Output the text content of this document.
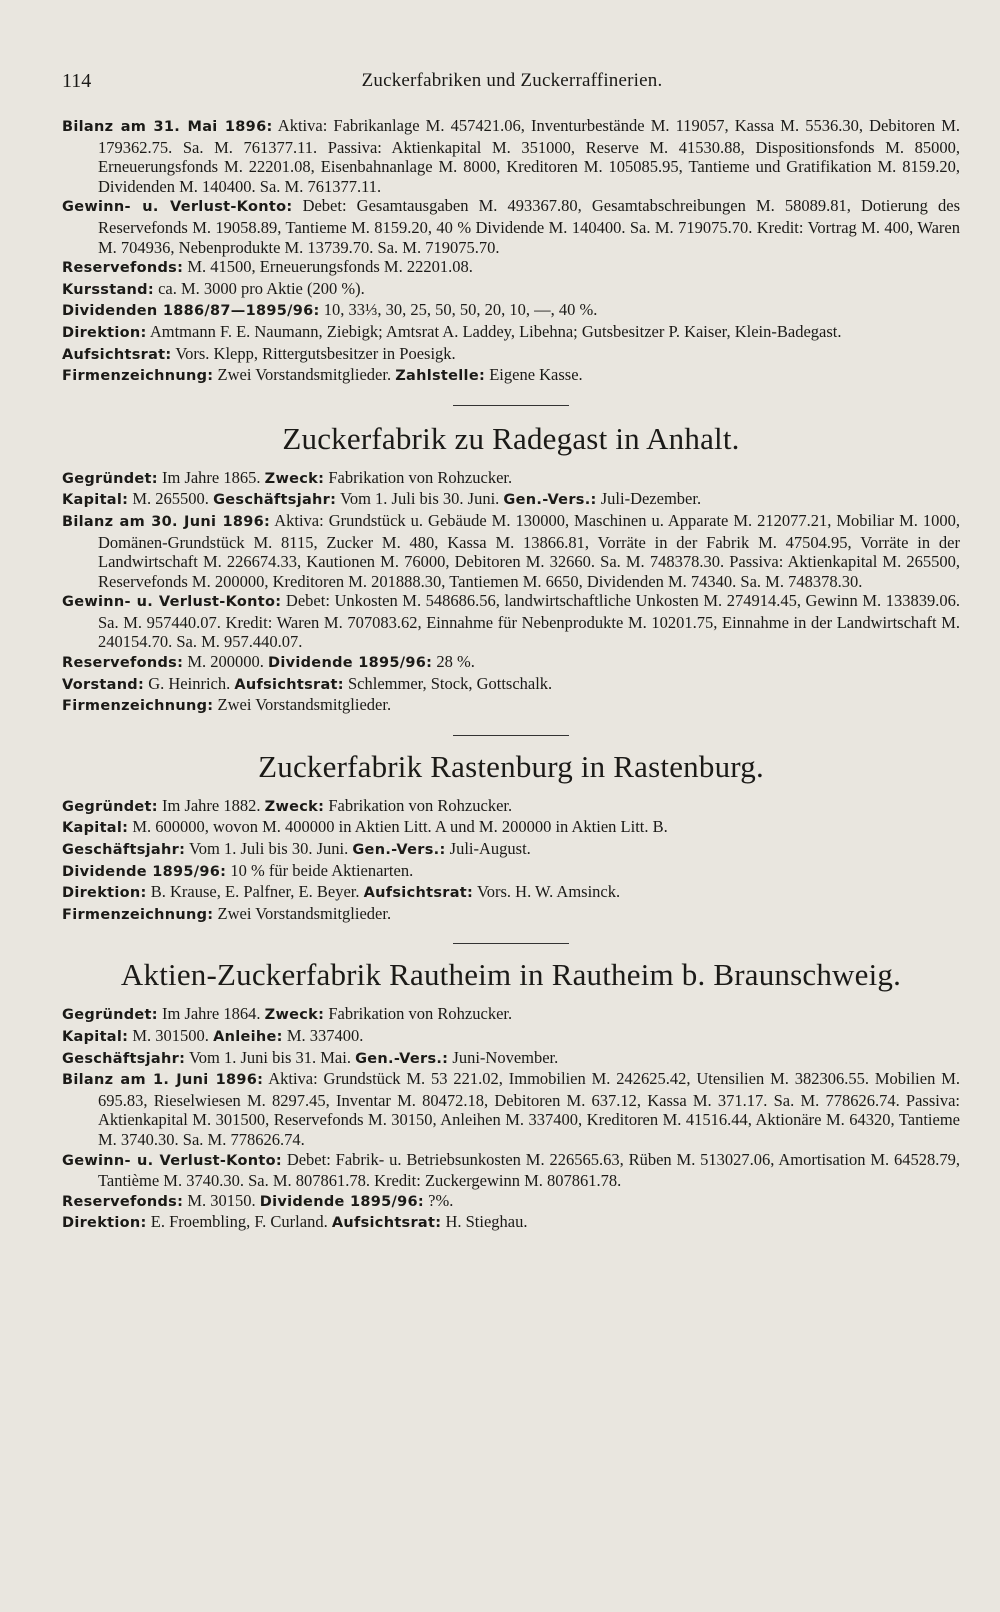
114	Zuckerfabriken und Zuckerraffinerien.

Bilanz am 31. Mai 1896: Aktiva: Fabrikanlage M. 457421.06, Inventurbestände M. 119057, Kassa M. 5536.30, Debitoren M. 179362.75. Sa. M. 761377.11. Passiva: Aktienkapital M. 351000, Reserve M. 41530.88, Dispositionsfonds M. 85000, Erneuerungsfonds M. 22201.08, Eisenbahnanlage M. 8000, Kreditoren M. 105085.95, Tantieme und Gratifikation M. 8159.20, Dividenden M. 140400. Sa. M. 761377.11.

Gewinn- u. Verlust-Konto: Debet: Gesamtausgaben M. 493367.80, Gesamtabschreibungen M. 58089.81, Dotierung des Reservefonds M. 19058.89, Tantieme M. 8159.20, 40 % Dividende M. 140400. Sa. M. 719075.70. Kredit: Vortrag M. 400, Waren M. 704936, Nebenprodukte M. 13739.70. Sa. M. 719075.70.

Reservefonds: M. 41500, Erneuerungsfonds M. 22201.08.

Kursstand: ca. M. 3000 pro Aktie (200 %).

Dividenden 1886/87—1895/96: 10, 33⅓, 30, 25, 50, 50, 20, 10, —, 40 %.

Direktion: Amtmann F. E. Naumann, Ziebigk; Amtsrat A. Laddey, Libehna; Gutsbesitzer P. Kaiser, Klein-Badegast.

Aufsichtsrat: Vors. Klepp, Rittergutsbesitzer in Poesigk.

Firmenzeichnung: Zwei Vorstandsmitglieder. Zahlstelle: Eigene Kasse.

Zuckerfabrik zu Radegast in Anhalt.

Gegründet: Im Jahre 1865. Zweck: Fabrikation von Rohzucker.

Kapital: M. 265500. Geschäftsjahr: Vom 1. Juli bis 30. Juni. Gen.-Vers.: Juli-Dezember.

Bilanz am 30. Juni 1896: Aktiva: Grundstück u. Gebäude M. 130000, Maschinen u. Apparate M. 212077.21, Mobiliar M. 1000, Domänen-Grundstück M. 8115, Zucker M. 480, Kassa M. 13866.81, Vorräte in der Fabrik M. 47504.95, Vorräte in der Landwirtschaft M. 226674.33, Kautionen M. 76000, Debitoren M. 32660. Sa. M. 748378.30. Passiva: Aktienkapital M. 265500, Reservefonds M. 200000, Kreditoren M. 201888.30, Tantiemen M. 6650, Dividenden M. 74340. Sa. M. 748378.30.

Gewinn- u. Verlust-Konto: Debet: Unkosten M. 548686.56, landwirtschaftliche Unkosten M. 274914.45, Gewinn M. 133839.06. Sa. M. 957440.07. Kredit: Waren M. 707083.62, Einnahme für Nebenprodukte M. 10201.75, Einnahme in der Landwirtschaft M. 240154.70. Sa. M. 957.440.07.

Reservefonds: M. 200000. Dividende 1895/96: 28 %.

Vorstand: G. Heinrich. Aufsichtsrat: Schlemmer, Stock, Gottschalk.

Firmenzeichnung: Zwei Vorstandsmitglieder.

Zuckerfabrik Rastenburg in Rastenburg.

Gegründet: Im Jahre 1882. Zweck: Fabrikation von Rohzucker.

Kapital: M. 600000, wovon M. 400000 in Aktien Litt. A und M. 200000 in Aktien Litt. B.

Geschäftsjahr: Vom 1. Juli bis 30. Juni. Gen.-Vers.: Juli-August.

Dividende 1895/96: 10 % für beide Aktienarten.

Direktion: B. Krause, E. Palfner, E. Beyer. Aufsichtsrat: Vors. H. W. Amsinck.

Firmenzeichnung: Zwei Vorstandsmitglieder.

Aktien-Zuckerfabrik Rautheim in Rautheim b. Braunschweig.

Gegründet: Im Jahre 1864. Zweck: Fabrikation von Rohzucker.

Kapital: M. 301500. Anleihe: M. 337400.

Geschäftsjahr: Vom 1. Juni bis 31. Mai. Gen.-Vers.: Juni-November.

Bilanz am 1. Juni 1896: Aktiva: Grundstück M. 53 221.02, Immobilien M. 242625.42, Utensilien M. 382306.55. Mobilien M. 695.83, Rieselwiesen M. 8297.45, Inventar M. 80472.18, Debitoren M. 637.12, Kassa M. 371.17. Sa. M. 778626.74. Passiva: Aktienkapital M. 301500, Reservefonds M. 30150, Anleihen M. 337400, Kreditoren M. 41516.44, Aktionäre M. 64320, Tantieme M. 3740.30. Sa. M. 778626.74.

Gewinn- u. Verlust-Konto: Debet: Fabrik- u. Betriebsunkosten M. 226565.63, Rüben M. 513027.06, Amortisation M. 64528.79, Tantième M. 3740.30. Sa. M. 807861.78. Kredit: Zuckergewinn M. 807861.78.

Reservefonds: M. 30150. Dividende 1895/96: ?%.

Direktion: E. Froembling, F. Curland. Aufsichtsrat: H. Stieghau.
